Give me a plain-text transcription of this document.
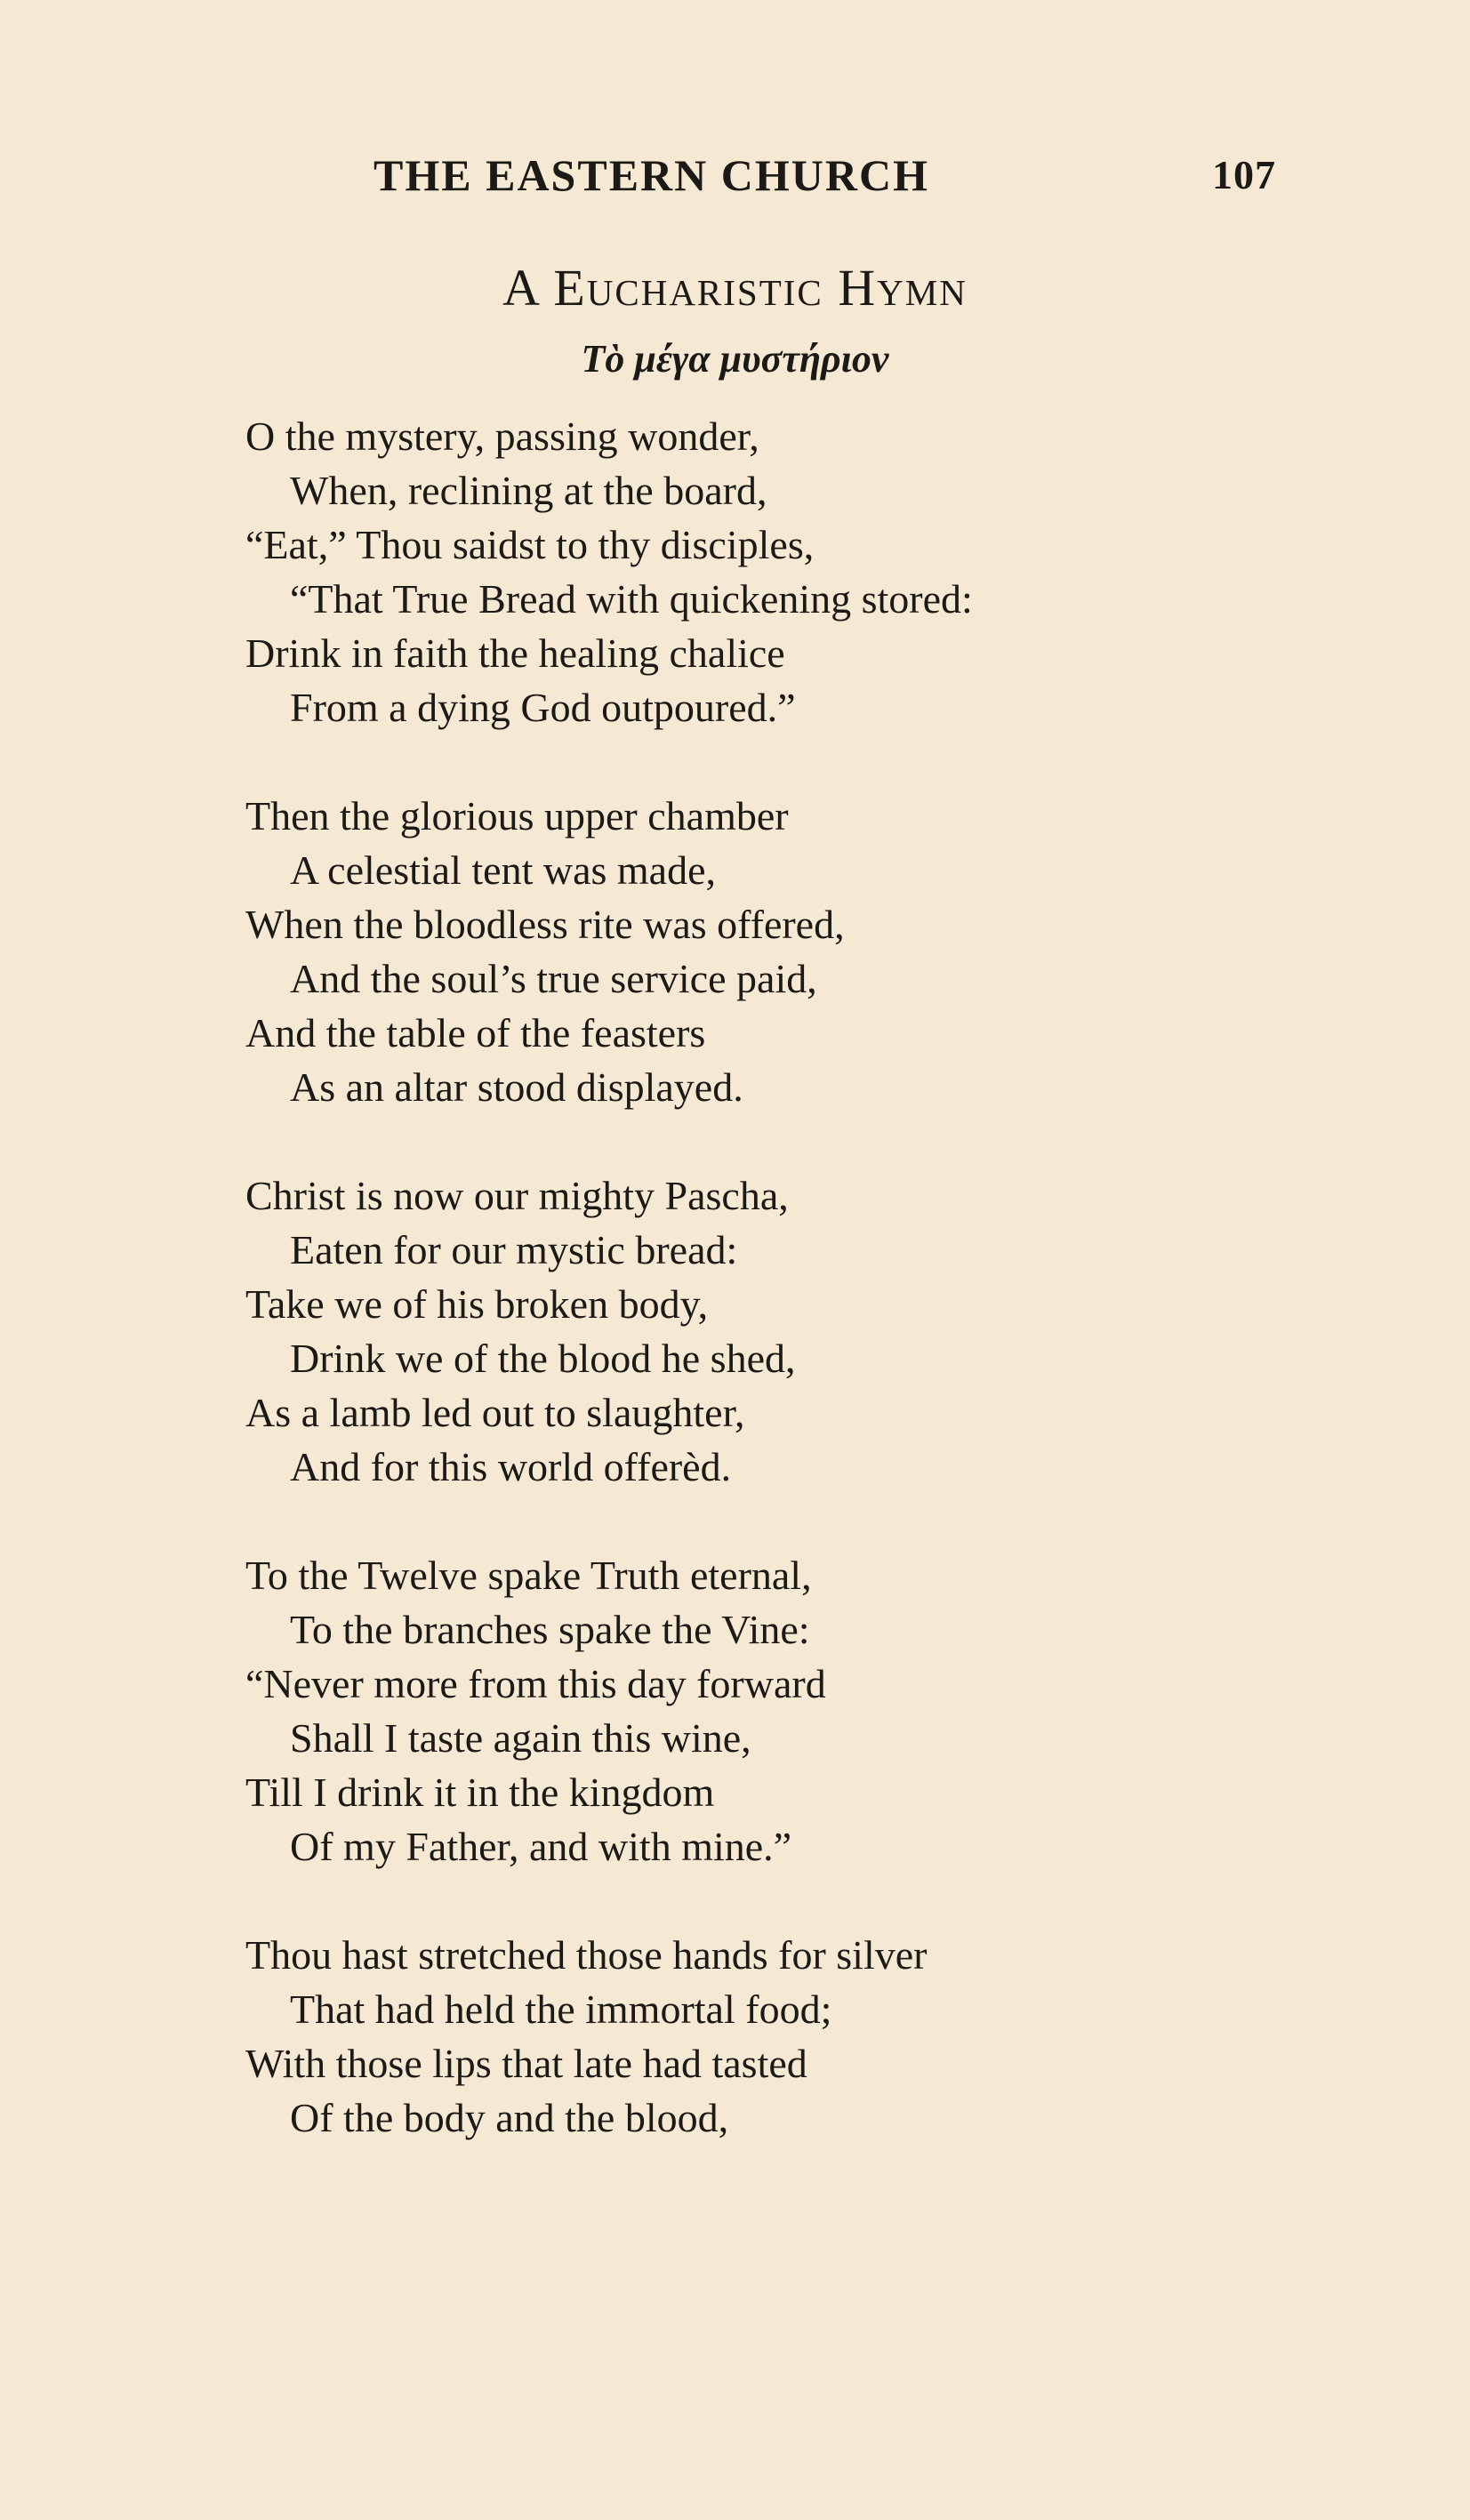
THE EASTERN CHURCH	107
A Eucharistic Hymn
Τὸ μέγα μυστήριον
O the mystery, passing wonder,
When, reclining at the board,
“Eat,” Thou saidst to thy disciples,
“That True Bread with quickening stored:
Drink in faith the healing chalice
From a dying God outpoured.”
Then the glorious upper chamber
A celestial tent was made,
When the bloodless rite was offered,
And the soul’s true service paid,
And the table of the feasters
As an altar stood displayed.
Christ is now our mighty Pascha,
Eaten for our mystic bread:
Take we of his broken body,
Drink we of the blood he shed,
As a lamb led out to slaughter,
And for this world offerèd.
To the Twelve spake Truth eternal,
To the branches spake the Vine:
“Never more from this day forward
Shall I taste again this wine,
Till I drink it in the kingdom
Of my Father, and with mine.”
Thou hast stretched those hands for silver
That had held the immortal food;
With those lips that late had tasted
Of the body and the blood,
